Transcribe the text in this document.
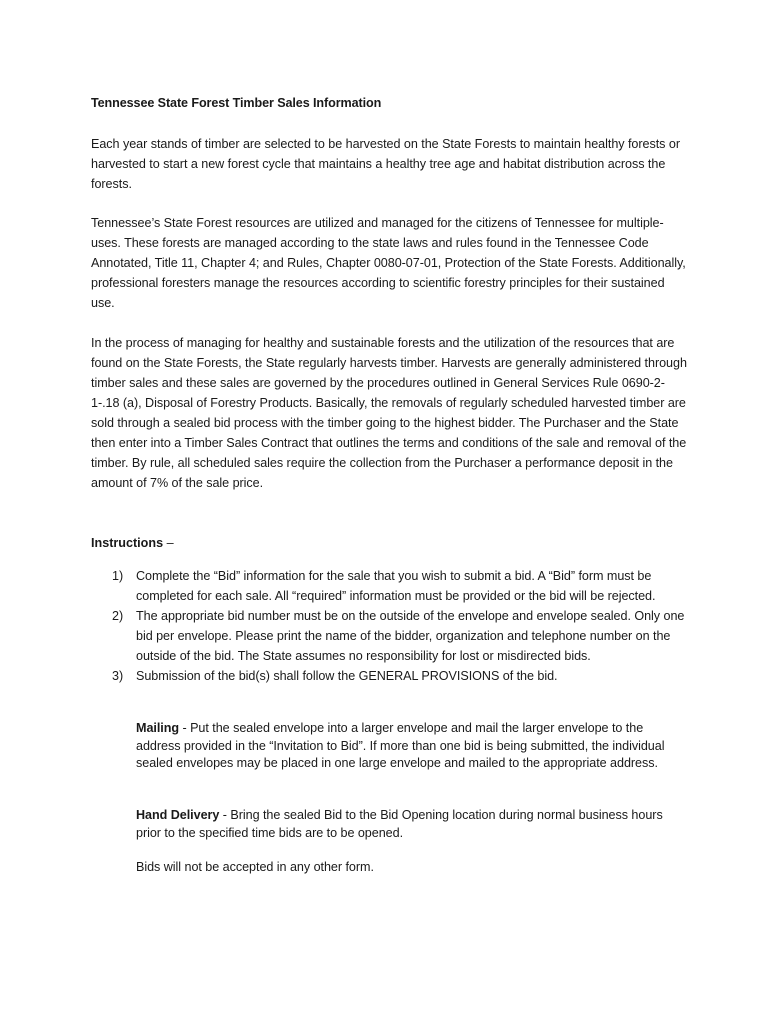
Tennessee State Forest Timber Sales Information

Each year stands of timber are selected to be harvested on the State Forests to maintain healthy forests or harvested to start a new forest cycle that maintains a healthy tree age and habitat distribution across the forests.

Tennessee’s State Forest resources are utilized and managed for the citizens of Tennessee for multiple-uses. These forests are managed according to the state laws and rules found in the Tennessee Code Annotated, Title 11, Chapter 4; and Rules, Chapter 0080-07-01, Protection of the State Forests. Additionally, professional foresters manage the resources according to scientific forestry principles for their sustained use.

In the process of managing for healthy and sustainable forests and the utilization of the resources that are found on the State Forests, the State regularly harvests timber. Harvests are generally administered through timber sales and these sales are governed by the procedures outlined in General Services Rule 0690-2-1-.18 (a), Disposal of Forestry Products. Basically, the removals of regularly scheduled harvested timber are sold through a sealed bid process with the timber going to the highest bidder. The Purchaser and the State then enter into a Timber Sales Contract that outlines the terms and conditions of the sale and removal of the timber. By rule, all scheduled sales require the collection from the Purchaser a performance deposit in the amount of 7% of the sale price.

Instructions –

1) Complete the “Bid” information for the sale that you wish to submit a bid. A “Bid” form must be completed for each sale. All “required” information must be provided or the bid will be rejected.
2) The appropriate bid number must be on the outside of the envelope and envelope sealed. Only one bid per envelope. Please print the name of the bidder, organization and telephone number on the outside of the bid. The State assumes no responsibility for lost or misdirected bids.
3) Submission of the bid(s) shall follow the GENERAL PROVISIONS of the bid.

Mailing - Put the sealed envelope into a larger envelope and mail the larger envelope to the address provided in the “Invitation to Bid”. If more than one bid is being submitted, the individual sealed envelopes may be placed in one large envelope and mailed to the appropriate address.

Hand Delivery - Bring the sealed Bid to the Bid Opening location during normal business hours prior to the specified time bids are to be opened.

Bids will not be accepted in any other form.
